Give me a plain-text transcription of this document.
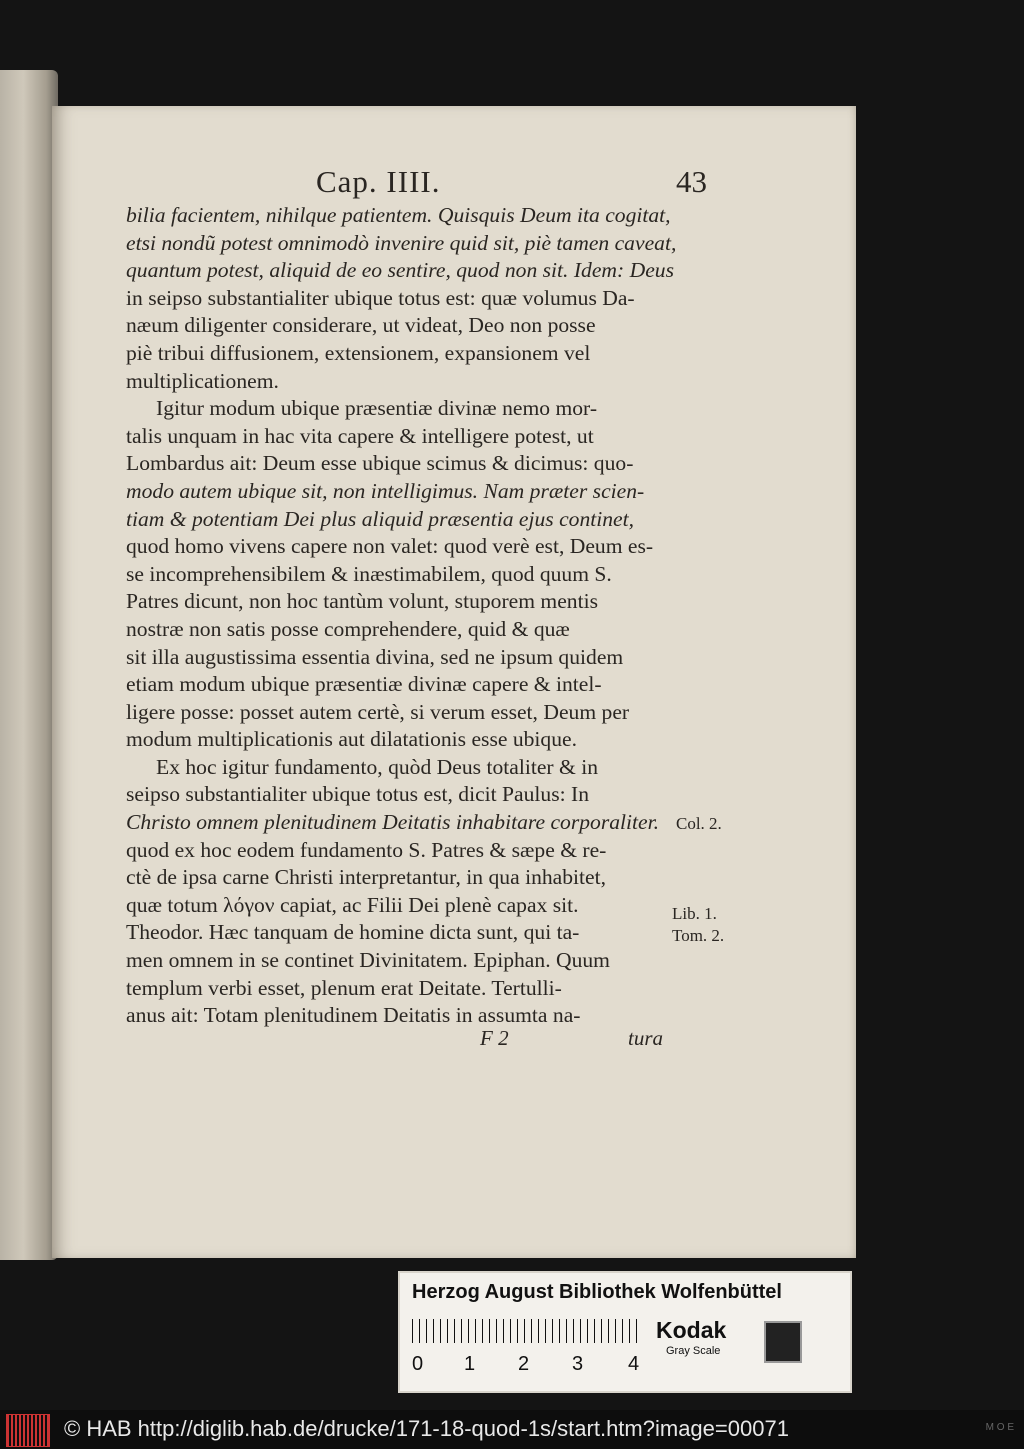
Cap. IIII.	43
bilia facientem, nihilque patientem. Quisquis Deum ita cogitat,
etsi nondũ potest omnimodò invenire quid sit, piè tamen caveat,
quantum potest, aliquid de eo sentire, quod non sit. Idem: Deus
in seipso substantialiter ubique totus est: quæ volumus Da-
næum diligenter considerare, ut videat, Deo non posse
piè tribui diffusionem, extensionem, expansionem vel
multiplicationem.
Igitur modum ubique præsentiæ divinæ nemo mor-
talis unquam in hac vita capere & intelligere potest, ut
Lombardus ait: Deum esse ubique scimus & dicimus: quo-
modo autem ubique sit, non intelligimus. Nam præter scien-
tiam & potentiam Dei plus aliquid præsentia ejus continet,
quod homo vivens capere non valet: quod verè est, Deum es-
se incomprehensibilem & inæstimabilem, quod quum S.
Patres dicunt, non hoc tantùm volunt, stuporem mentis
nostræ non satis posse comprehendere, quid & quæ
sit illa augustissima essentia divina, sed ne ipsum quidem
etiam modum ubique præsentiæ divinæ capere & intel-
ligere posse: posset autem certè, si verum esset, Deum per
modum multiplicationis aut dilatationis esse ubique.
Ex hoc igitur fundamento, quòd Deus totaliter & in
seipso substantialiter ubique totus est, dicit Paulus: In
Christo omnem plenitudinem Deitatis inhabitare corporaliter.
quod ex hoc eodem fundamento S. Patres & sæpe & re-
ctè de ipsa carne Christi interpretantur, in qua inhabitet,
quæ totum λόγον capiat, ac Filii Dei plenè capax sit.
Theodor. Hæc tanquam de homine dicta sunt, qui ta-
men omnem in se continet Divinitatem. Epiphan. Quum
templum verbi esset, plenum erat Deitate. Tertulli-
anus ait: Totam plenitudinem Deitatis in assumta na-
Col. 2.
Lib. 1.
Tom. 2.
F 2	tura
Herzog August Bibliothek Wolfenbüttel
0 1 2 3 4
Kodak
Gray Scale
© HAB http://diglib.hab.de/drucke/171-18-quod-1s/start.htm?image=00071	M O E
